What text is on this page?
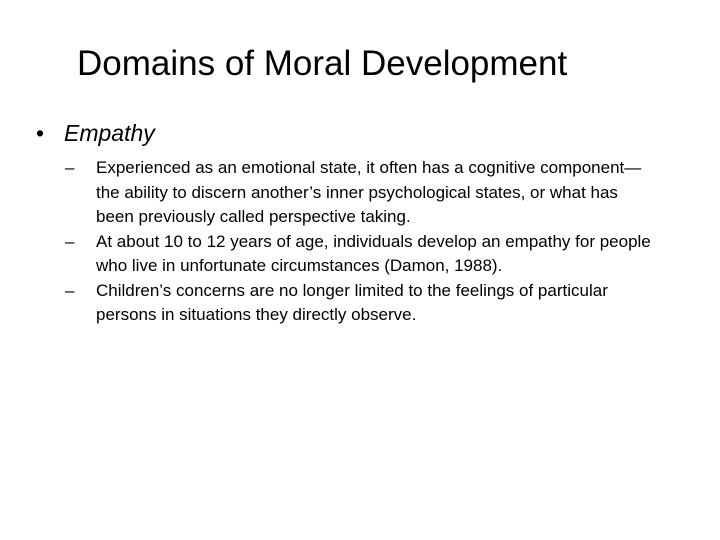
Domains of Moral Development
• Empathy
– Experienced as an emotional state, it often has a cognitive component—
the ability to discern another’s inner psychological states, or what has
been previously called perspective taking.
– At about 10 to 12 years of age, individuals develop an empathy for people
who live in unfortunate circumstances (Damon, 1988).
– Children’s concerns are no longer limited to the feelings of particular
persons in situations they directly observe.
